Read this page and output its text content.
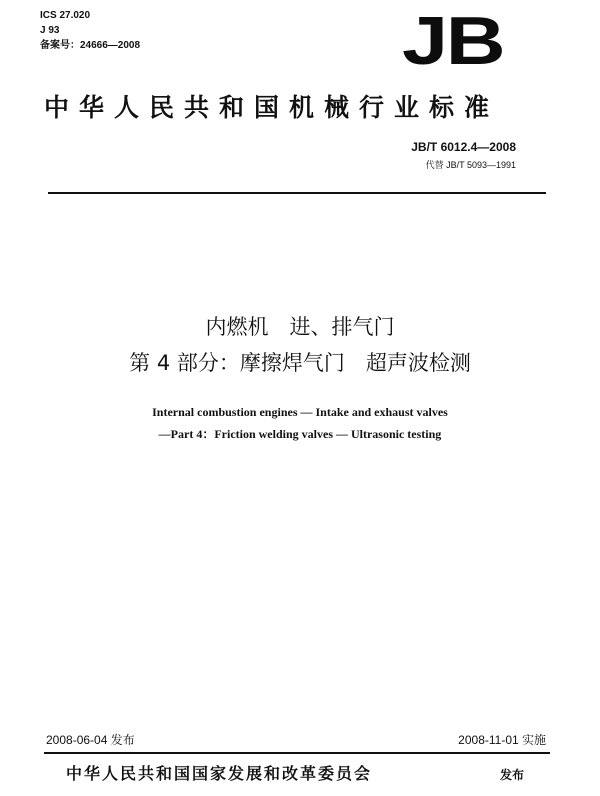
ICS 27.020
J 93
备案号：24666—2008	JB
中华人民共和国机械行业标准
JB/T 6012.4—2008
代替 JB/T 5093—1991
内燃机　进、排气门
第 4 部分：摩擦焊气门　超声波检测
Internal combustion engines — Intake and exhaust valves
—Part 4：Friction welding valves — Ultrasonic testing
2008-06-04 发布	2008-11-01 实施
中华人民共和国国家发展和改革委员会	发布
